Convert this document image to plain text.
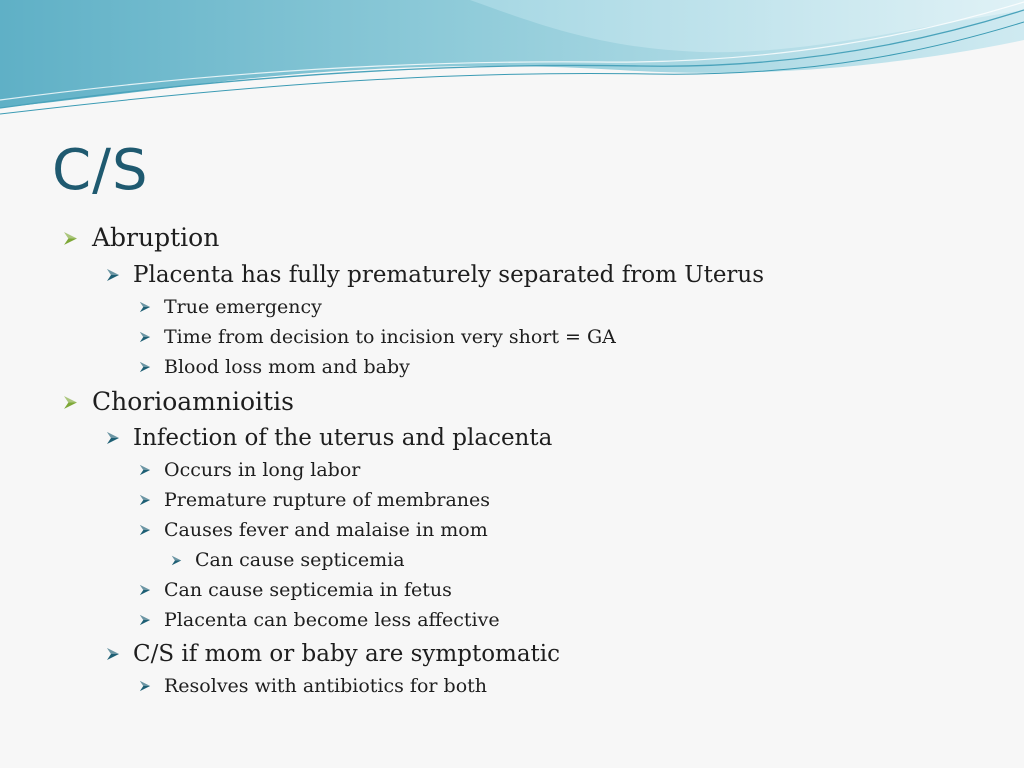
C/S
Abruption
Placenta has fully prematurely separated from Uterus
True emergency
Time from decision to incision very short = GA
Blood loss mom and baby
Chorioamnioitis
Infection of the uterus and placenta
Occurs in long labor
Premature rupture of membranes
Causes fever and malaise in mom
Can cause septicemia
Can cause septicemia in fetus
Placenta can become less affective
C/S if mom or baby are symptomatic
Resolves with antibiotics for both
